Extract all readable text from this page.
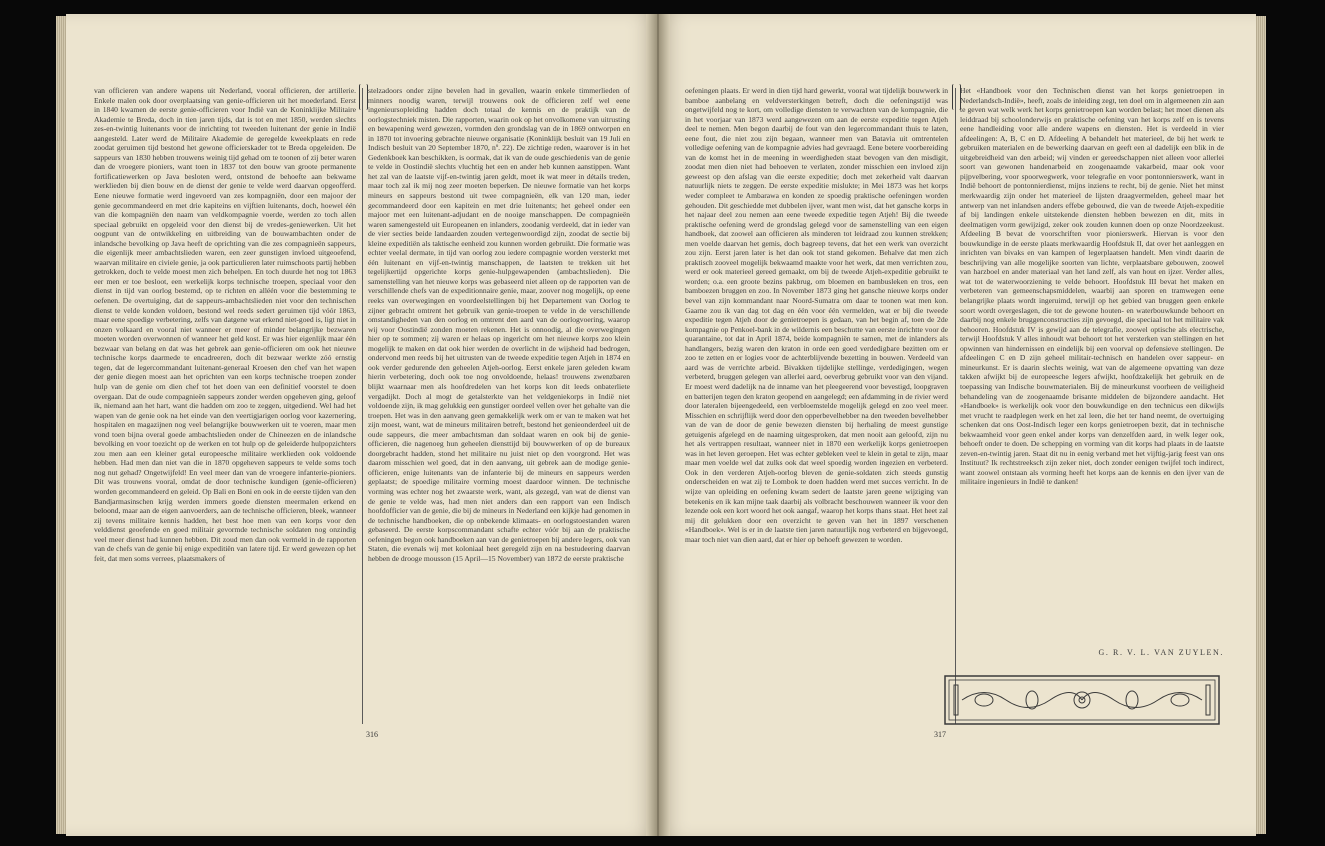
van officieren van andere wapens uit Nederland, vooral officieren, der artillerie. Enkele malen ook door overplaatsing van genie-officieren uit het moederland. Eerst in 1840 kwamen de eerste genie-officieren voor Indië van de Koninklijke Militaire Akademie te Breda, doch in tien jaren tijds, dat is tot en met 1850, werden slechts zes-en-twintig luitenants voor de inrichting tot tweeden luitenant der genie in Indië aangesteld. Later werd de Militaire Akademie de geregelde kweekplaats en rede zoodat geruimen tijd bestond het gewone officierskader tot te Breda opgeleiden. De sappeurs van 1830 hebben trouwens weinig tijd gehad om te toonen of zij beter waren dan de vroegere pioniers, want toen in 1837 tot den bouw van groote permanente fortificatiewerken op Java besloten werd, ontstond de behoefte aan bekwame werklieden bij dien bouw en de dienst der genie te velde werd daarvan opgeofferd. Eene nieuwe formatie werd ingevoerd van zes kompagniën, door een majoor der genie gecommandeerd en met drie kapiteins en vijftien luitenants, doch, hoewel één van die kompagniën den naam van veldkompagnie voerde, werden zo toch allen speciaal gebruikt en opgeleid voor den dienst bij de vredes-geniewerken. Uit het oogpunt van de ontwikkeling en uitbreiding van de bouwambachten onder de inlandsche bevolking op Java heeft de oprichting van die zes compagnieën sappeurs, die eigenlijk meer ambachtslieden waren, een zeer gunstigen invloed uitgeoefend, waarvan militaire en civiele genie, ja ook particulieren later ruimschoots partij hebben getrokken, doch te velde moest men zich behelpen. En toch duurde het nog tot 1863 eer men er toe besloot, een werkelijk korps technische troepen, speciaal voor den dienst in tijd van oorlog bestemd, op te richten en alléén voor die bestemming te oefenen. De overtuiging, dat de sappeurs-ambachtslieden niet voor den technischen dienst te velde konden voldoen, bestond wel reeds sedert geruimen tijd vóór 1863, maar eene spoedige verbetering, zelfs van datgene wat erkend niet-goed is, ligt niet in onzen volkaard en vooral niet wanneer er meer of minder belangrijke bezwaren moeten worden overwonnen of wanneer het geld kost. Er was hier eigenlijk maar één bezwaar van belang en dat was het gebrek aan genie-officieren om ook het nieuwe technische korps daarmede te encadreeren, doch dit bezwaar werkte zóó ernstig tegen, dat de legercommandant luitenant-generaal Kroesen den chef van het wapen der genie diegen moest aan het oprichten van een korps technische troepen zonder hulp van de genie om dien chef tot het doen van een definitief voorstel te doen overgaan. Dat de oude compagnieën sappeurs zonder werden opgeheven ging, geloof ik, niemand aan het hart, want die hadden om zoo te zeggen, uitgediend. Wel had het wapen van de genie ook na het einde van den veertigjarigen oorlog voor kazernering, hospitalen en magazijnen nog veel belangrijke bouwwerken uit te voeren, maar men vond toen bijna overal goede ambachtslieden onder de Chineezen en de inlandsche bevolking en voor toezicht op de werken en tot hulp op de geleiderde hulpopzichters zou men aan een kleiner getal europeesche militaire werklieden ook voldoende hebben. Had men dan niet van die in 1870 opgeheven sappeurs te velde soms toch nog nut gehad? Ongetwijfeld! En veel meer dan van de vroegere infanterie-pioniers. Dit was trouwens vooral, omdat de door technische kundigen (genie-officieren) worden gecommandeerd en geleid. Op Bali en Boni en ook in de eerste tijden van den Bandjarmasinschen krijg werden immers goede diensten meermalen erkend en beloond, maar aan de eigen aanvoerders, aan de technische officieren, bleek, wanneer zij tevens militaire kennis hadden, het best hoe men van een korps voor den velddienst geoefende en goed militair gevormde technische soldaten nog onzindig veel meer dienst had kunnen hebben. Dit zoud men dan ook vermeld in de rapporten van de chefs van de genie bij enige expeditiën van latere tijd. Er werd gewezen op het feit, dat men soms verrees, plaatsmakers of

stelzadoors onder zijne bevelen had in gevallen, waarin enkele timmerlieden of minners noodig waren, terwijl trouwens ook de officieren zelf wel eene ingenieursopleiding hadden doch totaal de kennis en de praktijk van de oorlogstechniek misten. Die rapporten, waarin ook op het onvolkomene van uitrusting en bewapening werd gewezen, vormden den grondslag van de in 1869 ontworpen en in 1870 tot invoering gebrachte nieuwe organisatie (Koninklijk besluit van 19 Juli en Indisch besluit van 20 September 1870, nº. 22). De zichtige reden, waarover is in het Gedenkboek kan beschikken, is oormak, dat ik van de oude geschiedenis van de genie te velde in Oostindië slechts vluchtig het een en ander heb kunnen aanstippen. Want het zal van de laatste vijf-en-twintig jaren geldt, moet ik wat meer in détails treden, maar toch zal ik mij nog zeer moeten beperken. De nieuwe formatie van het korps mineurs en sappeurs bestond uit twee compagnieën, elk van 120 man, ieder gecommandeerd door een kapitein en met drie luitenants; het geheel onder een majoor met een luitenant-adjudant en de nooige manschappen. De compagnieën waren samengesteld uit Europeanen en inlanders, zoodanig verdeeld, dat in ieder van de vier secties beide landaarden zouden vertegenwoordigd zijn, zoodat de sectie bij kleine expeditiën als taktische eenheid zou kunnen worden gebruikt. Die formatie was echter veelal dermate, in tijd van oorlog zou iedere compagnie worden versterkt met één luitenant en vijf-en-twintig manschappen, de laatsten te trekken uit het tegelijkertijd opgerichte korps genie-hulpgewapenden (ambachtslieden). Die samenstelling van het nieuwe korps was gebaseerd niet alleen op de rapporten van de verschillende chefs van de expeditionnaire genie, maar, zoover nog mogelijk, op eene reeks van overwegingen en voordeelstellingen bij het Departement van Oorlog te zijner gebracht omtrent het gebruik van genie-troepen te velde in de verschillende omstandigheden van den oorlog en omtrent den aard van de oorlogvoering, waarop wij voor Oostindië zonden moeten rekenen. Het is onnoodig, al die overwegingen hier op te sommen; zij waren er helaas op ingericht om het nieuwe korps zoo klein mogelijk te maken en dat ook hier werden de overlicht in de wijsheid had bedrogen, ondervond men reeds bij het uitrusten van de tweede expeditie tegen Atjeh in 1874 en ook verder gedurende den geheelen Atjeh-oorlog. Eerst enkele jaren geleden kwam hierin verbetering, doch ook toe nog onvoldoende, helaas! trouwens zwenzbaren blijkt waarnaar men als hoofdredelen van het korps kon dit leeds onbaterliete vergadijkt. Doch al mogt de getalsterkte van het veldgeniekorps in Indië niet voldoende zijn, ik mag gelukkig een gunstiger oordeel vellen over het gehalte van die troepen. Het was in den aanvang geen gemakkelijk werk om er van te maken wat het zijn moest, want, wat de mineurs militairen betreft, bestond het genieonderdeel uit de oude sappeurs, die meer ambachtsman dan soldaat waren en ook bij de genie-officieren, die nagenoeg hun geheelen diensttijd bij bouwwerken of op de bureaux doorgebracht hadden, stond het militaire nu juist niet op den voorgrond. Het was daarom misschien wel goed, dat in den aanvang, uit gebrek aan de modige genie-officieren, enige luitenants van de infanterie bij de mineurs en sappeurs werden geplaatst; de spoedige militaire vorming moest daardoor winnen. De technische vorming was echter nog het zwaarste werk, want, als gezegd, van wat de dienst van de genie te velde was, had men niet anders dan een rapport van een Indisch hoofdofficier van de genie, die bij de mineurs in Nederland een kijkje had genomen in de technische handboeken, die op onbekende klimaats- en oorlogstoestanden waren gebaseerd. De eerste korpscommandant schafte echter vóór bij aan de praktische oefeningen begon ook handboeken aan van de genietroepen bij andere legers, ook van Staten, die evenals wij met koloniaal heet geregeld zijn en na bestudeering daarvan hebben de drooge mousson (15 April—15 November) van 1872 de eerste praktische

oefeningen plaats. Er werd in dien tijd hard gewerkt, vooral wat tijdelijk bouwwerk in bamboe aanbelang en veldversterkingen betreft, doch die oefeningstijd was ongetwijfeld nog te kort, om volledige diensten te verwachten van de kompagnie, die in het voorjaar van 1873 werd aangewezen om aan de eerste expeditie tegen Atjeh deel te nemen. Men begon daarbij de fout van den legercommandant thuis te laten, eene fout, die niet zou zijn begaan, wanneer men van Batavia uit omtrentelen volledige oefening van de kompagnie advies had gevraagd. Eene betere voorbereiding van de komst het in de meening in weerdigheden staat bevogen van den misdigit, zoodat men dien niet had behoeven te verlaten, zonder misschien een invloed zijn geweest op den afslag van die eerste expeditie; doch met zekerheid valt daarvan natuurlijk niets te zeggen. De eerste expeditie mislukte; in Mei 1873 was het korps weder compleet te Ambarawa en konden ze spoedig praktische oefeningen worden gehouden. Dit geschiedde met dubbelen ijver, want men wist, dat het gansche korps in het najaar deel zou nemen aan eene tweede expeditie tegen Atjeh! Bij die tweede praktische oefening werd de grondslag gelegd voor de samenstelling van een eigen handboek, dat zoowel aan officieren als minderen tot leidraad zou kunnen strekken; men voelde daarvan het gemis, doch bagreep tevens, dat het een werk van overzicht zou zijn. Eerst jaren later is het dan ook tot stand gekomen. Behalve dat men zich praktisch zooveel mogelijk bekwaamd maakte voor het werk, dat men verrichten zou, werd er ook materieel gereed gemaakt, om bij de tweede Atjeh-expeditie gebruikt te worden; o.a. een groote bezins pakbrug, om bloemen en bambusleken en tros, een bamboezen bruggen en zoo. In November 1873 ging het gansche nieuwe korps onder bevel van zijn kommandant naar Noord-Sumatra om daar te toonen wat men kon. Gaarne zou ik van dag tot dag en één voor één vermelden, wat er bij die tweede expeditie tegen Atjeh door de genietroepen is gedaan, van het begin af, toen de 2de kompagnie op Penkoel-bank in de wildernis een beschutte van eerste inrichtte voor de quarantaine, tot dat in April 1874, beide kompagniën te samen, met de inlanders als handlangers, bezig waren den kraton in orde een goed verdedigbare bezitten om er zoo te zetten en er logies voor de achterblijvende bezetting in bouwen. Verdeeld van aard was de verrichte arbeid. Bivakken tijdelijke stellinge, verdedigingen, wegen verbeterd, bruggen gelegen van allerlei aard, oeverbrug gebruikt voor van den vijand. Er moest werd dadelijk na de inname van het pleegeerend voor bevestigd, loopgraven en batterijen tegen den kraton geopend en aangelegd; een afdamming in de rivier werd door lateralen bijeengedeeld, een verbloemstelde mogelijk gelegd en zoo veel meer. Misschien en schrijflijk werd door den opperbevelhebber na den tweeden bevelhebber van de van de door de genie bewezen diensten bij herhaling de meest gunstige getuigenis afgelegd en de naaming uitgesproken, dat men nooit aan geloofd, zijn nu het als vertrappen resultaat, wanneer niet in 1870 een werkelijk korps genietroepen was in het leven geroepen. Het was echter gebleken veel te klein in getal te zijn, maar maar men voelde wel dat zulks ook dat weel spoedig worden ingezien en verbeterd. Ook in den verderen Atjeh-oorlog bleven de genie-soldaten zich steeds gunstig onderscheiden en wat zij te Lombok te doen hadden werd met succes verricht. In de wijze van opleiding en oefening kwam sedert de laatste jaren geene wijziging van betekenis en ik kan mijne taak daarbij als volbracht beschouwen wanneer ik voor den lezende ook een kort woord het ook aangaf, waarop het korps thans staat. Het heet zal mij dit gelukken door een overzicht te geven van het in 1897 verschenen «Handboek». Wel is er in de laatste tien jaren natuurlijk nog verbeterd en bijgevoegd, maar toch niet van dien aard, dat er hier op behoeft gewezen te worden.

Het «Handboek voor den Technischen dienst van het korps genietroepen in Nederlandsch-Indië», heeft, zoals de inleiding zegt, ten doel om in algemeenen zin aan te geven wat welk werk het korps genietroepen kan worden belast; het moet dienen als leiddraad bij schoolonderwijs en praktische oefening van het korps zelf en is tevens eene handleiding voor alle andere wapens en diensten. Het is verdeeld in vier afdeelingen: A, B, C en D. Afdeeling A behandelt het materieel, de bij het werk te gebruiken materialen en de bewerking daarvan en geeft een al dadelijk een blik in de uitgebreidheid van den arbeid; wij vinden er gereedschappen niet alleen voor allerlei soort van gewonen handenarbeid en zoogenaamde vakarbeid, maar ook voor pijpvelbering, voor spoorwegwerk, voor telegrafie en voor pontonnierswerk, want in Indië behoort de pontonnierdienst, mijns inziens te recht, bij de genie. Niet het minst merkwaardig zijn onder het materieel de lijsten draagvermelden, geheel maar het antwerp van net inlandsen anders effebe gebouwd, die van de tweede Atjeh-expeditie af bij landingen enkele uitstekende diensten hebben bewezen en dit, mits in deelmatigen vorm gewijzigd, zeker ook zouden kunnen doen op onze Noordzeekust. Afdeeling B bevat de voorschriften voor pionierswerk. Hiervan is voor den bouwkundige in de eerste plaats merkwaardig Hoofdstuk II, dat over het aanleggen en inrichten van bivaks en van kampen of legerplaatsen handelt. Men vindt daarin de beschrijving van alle mogelijke soorten van lichte, verplaatsbare gebouwen, zoowel van harzboel en ander materiaal van het land zelf, als van hout en ijzer. Verder alles, wat tot de waterwoorziening te velde behoort. Hoofdstuk III bevat het maken en verbeteren van gemeenschapsmiddelen, waarbij aan sporen en tramwegen eene belangrijke plaats wordt ingeruimd, terwijl op het gebied van bruggen geen enkele soort wordt overgeslagen, die tot de gewone houten- en waterbouwkunde behoort en daarbij nog enkele bruggenconstructies zijn gevoegd, die speciaal tot het militaire vak behooren. Hoofdstuk IV is gewijd aan de telegrafie, zoowel optische als electrische, terwijl Hoofdstuk V alles inhoudt wat behoort tot het versterken van stellingen en het opwinnen van hindernissen en eindelijk bij een voorval op defensieve stellingen. De afdeelingen C en D zijn geheel militair-technisch en handelen over sappeur- en mineurkunst. Er is daarin slechts weinig, wat van de algemeene opvatting van deze takken afwijkt bij de europeesche legers afwijkt, hoofdzakelijk het gebruik en de toepassing van Indische bouwmaterialen. Bij de mineurkunst voorheen de veiligheid behandeling van de zoogenaamde brisante middelen de bijzondere aandacht. Het «Handboek» is werkelijk ook voor den bouwkundige en den technicus een dikwijls met vrucht te raadplegen werk en het zal leen, die het ter hand neemt, de overtuiging schenken dat ons Oost-Indisch leger een korps genietroepen bezit, dat in technische bekwaamheid voor geen enkel ander korps van denzelfden aard, in welk leger ook, behoeft onder te doen. De schepping en vorming van dit korps had plaats in de laatste zeven-en-twintig jaren. Staat dit nu in eenig verband met het vijftig-jarig feest van ons Instituut? Ik rechtstreeksch zijn zeker niet, doch zonder eenigen twijfel toch indirect, want zoowel ontstaan als vorming heeft het korps aan de kennis en den ijver van de militaire ingenieurs in Indië te danken!

G. R. V. L. VAN ZUYLEN.
316	317
